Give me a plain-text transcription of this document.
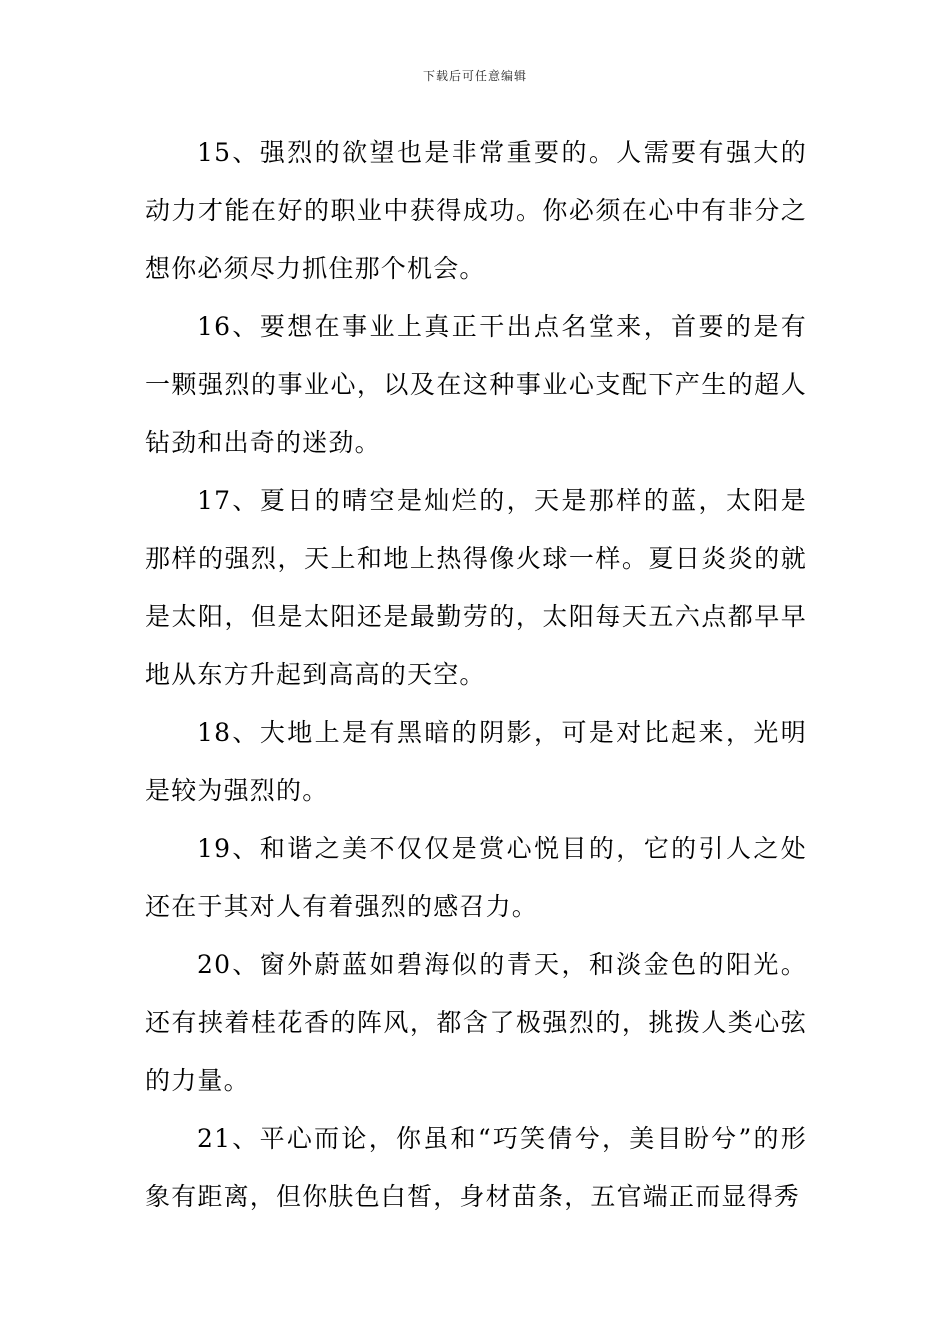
下载后可任意编辑

15、强烈的欲望也是非常重要的。人需要有强大的动力才能在好的职业中获得成功。你必须在心中有非分之想你必须尽力抓住那个机会。

16、要想在事业上真正干出点名堂来，首要的是有一颗强烈的事业心，以及在这种事业心支配下产生的超人钻劲和出奇的迷劲。

17、夏日的晴空是灿烂的，天是那样的蓝，太阳是那样的强烈，天上和地上热得像火球一样。夏日炎炎的就是太阳，但是太阳还是最勤劳的，太阳每天五六点都早早地从东方升起到高高的天空。

18、大地上是有黑暗的阴影，可是对比起来，光明是较为强烈的。

19、和谐之美不仅仅是赏心悦目的，它的引人之处还在于其对人有着强烈的感召力。

20、窗外蔚蓝如碧海似的青天，和淡金色的阳光。还有挟着桂花香的阵风，都含了极强烈的，挑拨人类心弦的力量。

21、平心而论，你虽和“巧笑倩兮，美目盼兮”的形象有距离，但你肤色白皙，身材苗条，五官端正而显得秀
